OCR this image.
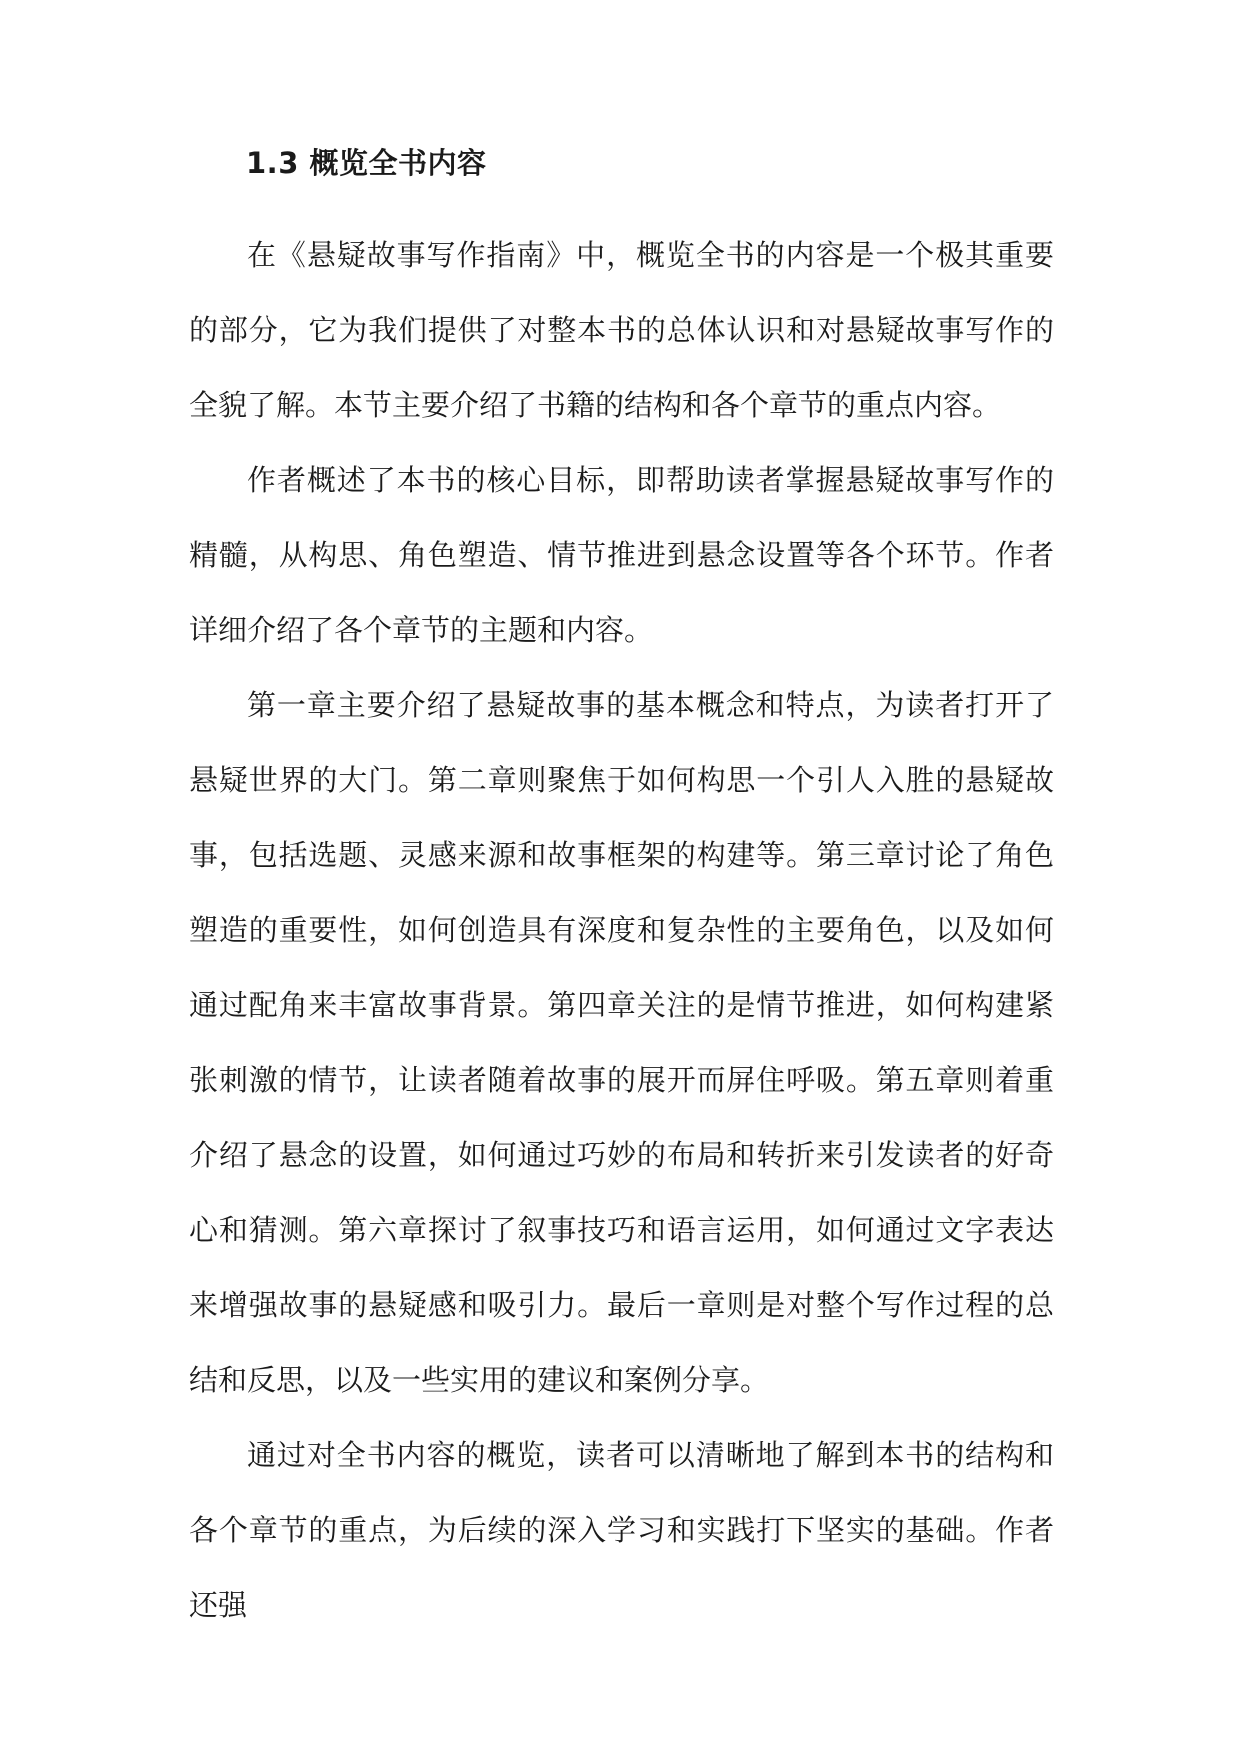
1.3 概览全书内容

在《悬疑故事写作指南》中，概览全书的内容是一个极其重要的部分，它为我们提供了对整本书的总体认识和对悬疑故事写作的全貌了解。本节主要介绍了书籍的结构和各个章节的重点内容。

作者概述了本书的核心目标，即帮助读者掌握悬疑故事写作的精髓，从构思、角色塑造、情节推进到悬念设置等各个环节。作者详细介绍了各个章节的主题和内容。

第一章主要介绍了悬疑故事的基本概念和特点，为读者打开了悬疑世界的大门。第二章则聚焦于如何构思一个引人入胜的悬疑故事，包括选题、灵感来源和故事框架的构建等。第三章讨论了角色塑造的重要性，如何创造具有深度和复杂性的主要角色，以及如何通过配角来丰富故事背景。第四章关注的是情节推进，如何构建紧张刺激的情节，让读者随着故事的展开而屏住呼吸。第五章则着重介绍了悬念的设置，如何通过巧妙的布局和转折来引发读者的好奇心和猜测。第六章探讨了叙事技巧和语言运用，如何通过文字表达来增强故事的悬疑感和吸引力。最后一章则是对整个写作过程的总结和反思，以及一些实用的建议和案例分享。

通过对全书内容的概览，读者可以清晰地了解到本书的结构和各个章节的重点，为后续的深入学习和实践打下坚实的基础。作者还强
